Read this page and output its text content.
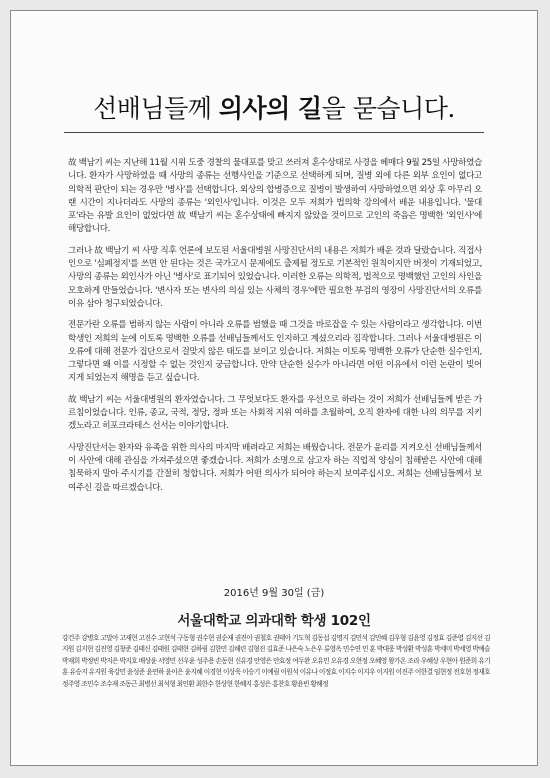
선배님들께 의사의 길을 묻습니다.

故 백남기 씨는 지난해 11월 시위 도중 경찰의 물대포를 맞고 쓰러져 혼수상태로 사경을 헤매다 9월 25일 사망하였습니다. 환자가 사망하였을 때 사망의 종류는 선행사인을 기준으로 선택하게 되며, 질병 외에 다른 외부 요인이 없다고 의학적 판단이 되는 경우만 '병사'를 선택합니다. 외상의 합병증으로 질병이 발생하여 사망하였으면 외상 후 아무리 오랜 시간이 지나더라도 사망의 종류는 '외인사'입니다. 이것은 모두 저희가 법의학 강의에서 배운 내용입니다. '물대포'라는 유발 요인이 없었다면 故 백남기 씨는 혼수상태에 빠지지 않았을 것이므로 고인의 죽음은 명백한 '외인사'에 해당합니다.

그러나 故 백남기 씨 사망 직후 언론에 보도된 서울대병원 사망진단서의 내용은 저희가 배운 것과 달랐습니다. 직접사인으로 '심폐정지'를 쓰면 안 된다는 것은 국가고시 문제에도 출제될 정도로 기본적인 원칙이지만 버젓이 기재되었고, 사망의 종류는 외인사가 아닌 '병사'로 표기되어 있었습니다. 이러한 오류는 의학적, 법적으로 명백했던 고인의 사인을 모호하게 만들었습니다. '변사자 또는 변사의 의심 있는 사체의 경우'에만 필요한 부검의 영장이 사망진단서의 오류를 이유 삼아 청구되었습니다.

전문가란 오류를 범하지 않는 사람이 아니라 오류를 범했을 때 그것을 바로잡을 수 있는 사람이라고 생각합니다. 이번 학생인 저희의 눈에 이토록 명백한 오류를 선배님들께서도 인지하고 계셨으리라 짐작합니다. 그러나 서울대병원은 이 오류에 대해 전문가 집단으로서 걸맞지 않은 태도를 보이고 있습니다. 저희는 이토록 명백한 오류가 단순한 실수인지, 그렇다면 왜 이를 시정할 수 없는 것인지 궁금합니다. 만약 단순한 실수가 아니라면 어떤 이유에서 이런 논란이 빚어지게 되었는지 해명을 듣고 싶습니다.

故 백남기 씨는 서울대병원의 환자였습니다. 그 무엇보다도 환자를 우선으로 하라는 것이 저희가 선배님들께 받은 가르침이었습니다. 인류, 종교, 국적, 정당, 정파 또는 사회적 지위 여하를 초월하여, 오직 환자에 대한 나의 의무를 지키겠노라고 히포크라테스 선서는 이야기합니다.

사망진단서는 환자와 유족을 위한 의사의 마지막 배려라고 저희는 배웠습니다. 전문가 윤리를 지켜오신 선배님들께서 이 사안에 대해 관심을 가져주셨으면 좋겠습니다. 저희가 소명으로 삼고자 하는 직업적 양심이 침해받은 사안에 대해 침묵하지 말아 주시기를 간절히 청합니다. 저희가 어떤 의사가 되어야 하는지 보여주십시오. 저희는 선배님들께서 보여주신 길을 따르겠습니다.

2016년 9월 30일 (금)
서울대학교 의과대학 학생 102인
강건주 강병호 고말아 고재현 고진수 고현석 구동형 권수현 권순재 권진아 권철호 권태아 기도혁 김동섭 김명지 김민석 김민혜 김우형 김윤영 김정효 김준엽 김지선 김지원 김지현 김진영 김창준 김태신 김태원 김태현 김하림 김한민 김해린 김형진 김효준 나은숙 노은우 류영옥 민수연 민 훈 박대웅 박성환 박성훈 박세미 박세영 박예슬 박재희 박정빈 박지은 박지호 배상윤 서영민 선우윤 성주용 손동현 신유경 안영은 안효정 여두완 오유민 오유경 오현정 오혜영 왕가온 조라 우혜상 우현아 원준희 유기훈 유승지 유지원 육강민 윤성준 윤연하 윤이은 윤지혜 이경현 이상욱 이승기 이예림 이원석 이유나 이정효 이지수 이지우 이지원 이진주 이한결 임현정 전호현 정재호 정주영 조민수 조수재 조동근 최병선 최석형 최인환 최한수 한상현 한혜지 홍성은 홍찬호 황윤빈 황해정
